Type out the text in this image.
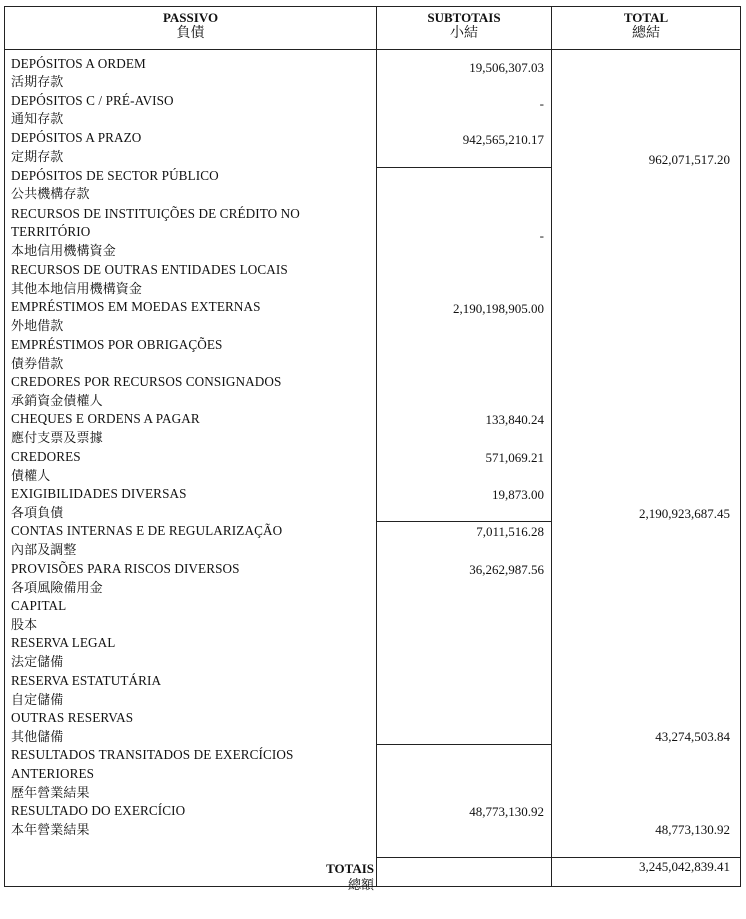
PASSIVO
負債
SUBTOTAIS
小結
TOTAL
總結
DEPÓSITOS A ORDEM
活期存款
DEPÓSITOS C / PRÉ-AVISO
通知存款
DEPÓSITOS A PRAZO
定期存款
DEPÓSITOS DE SECTOR PÚBLICO
公共機構存款
RECURSOS DE INSTITUIÇÕES DE CRÉDITO NO
TERRITÓRIO
本地信用機構資金
RECURSOS DE OUTRAS ENTIDADES LOCAIS
其他本地信用機構資金
EMPRÉSTIMOS EM MOEDAS EXTERNAS
外地借款
EMPRÉSTIMOS POR OBRIGAÇÕES
債券借款
CREDORES POR RECURSOS CONSIGNADOS
承銷資金債權人
CHEQUES E ORDENS A PAGAR
應付支票及票據
CREDORES
債權人
EXIGIBILIDADES DIVERSAS
各項負債
CONTAS INTERNAS E DE REGULARIZAÇÃO
內部及調整
PROVISÕES PARA RISCOS DIVERSOS
各項風險備用金
CAPITAL
股本
RESERVA LEGAL
法定儲備
RESERVA ESTATUTÁRIA
自定儲備
OUTRAS RESERVAS
其他儲備
RESULTADOS TRANSITADOS DE EXERCÍCIOS
ANTERIORES
歷年營業結果
RESULTADO DO EXERCÍCIO
本年營業結果
19,506,307.03
-
942,565,210.17
-
2,190,198,905.00
133,840.24
571,069.21
19,873.00
7,011,516.28
36,262,987.56
48,773,130.92
962,071,517.20
2,190,923,687.45
43,274,503.84
48,773,130.92
TOTAIS
總額
3,245,042,839.41
